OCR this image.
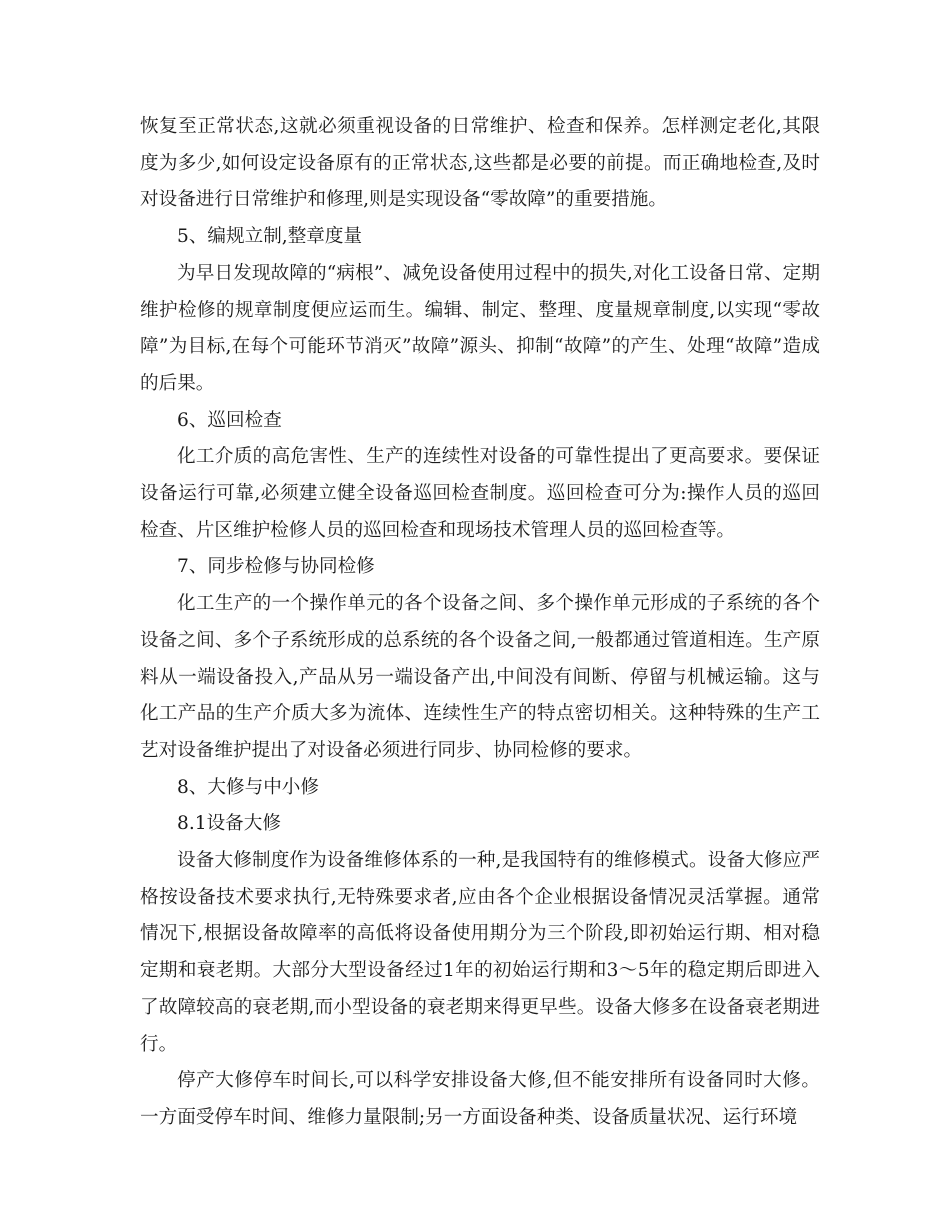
恢复至正常状态,这就必须重视设备的日常维护、检查和保养。怎样测定老化,其限度为多少,如何设定设备原有的正常状态,这些都是必要的前提。而正确地检查,及时对设备进行日常维护和修理,则是实现设备“零故障”的重要措施。

5、编规立制,整章度量

为早日发现故障的“病根”、减免设备使用过程中的损失,对化工设备日常、定期维护检修的规章制度便应运而生。编辑、制定、整理、度量规章制度,以实现“零故障”为目标,在每个可能环节消灭”故障”源头、抑制“故障”的产生、处理“故障”造成的后果。

6、巡回检查

化工介质的高危害性、生产的连续性对设备的可靠性提出了更高要求。要保证设备运行可靠,必须建立健全设备巡回检查制度。巡回检查可分为:操作人员的巡回检查、片区维护检修人员的巡回检查和现场技术管理人员的巡回检查等。

7、同步检修与协同检修

化工生产的一个操作单元的各个设备之间、多个操作单元形成的子系统的各个设备之间、多个子系统形成的总系统的各个设备之间,一般都通过管道相连。生产原料从一端设备投入,产品从另一端设备产出,中间没有间断、停留与机械运输。这与化工产品的生产介质大多为流体、连续性生产的特点密切相关。这种特殊的生产工艺对设备维护提出了对设备必须进行同步、协同检修的要求。

8、大修与中小修

8.1设备大修

设备大修制度作为设备维修体系的一种,是我国特有的维修模式。设备大修应严格按设备技术要求执行,无特殊要求者,应由各个企业根据设备情况灵活掌握。通常情况下,根据设备故障率的高低将设备使用期分为三个阶段,即初始运行期、相对稳定期和衰老期。大部分大型设备经过1年的初始运行期和3～5年的稳定期后即进入了故障较高的衰老期,而小型设备的衰老期来得更早些。设备大修多在设备衰老期进行。

停产大修停车时间长,可以科学安排设备大修,但不能安排所有设备同时大修。一方面受停车时间、维修力量限制;另一方面设备种类、设备质量状况、运行环境
